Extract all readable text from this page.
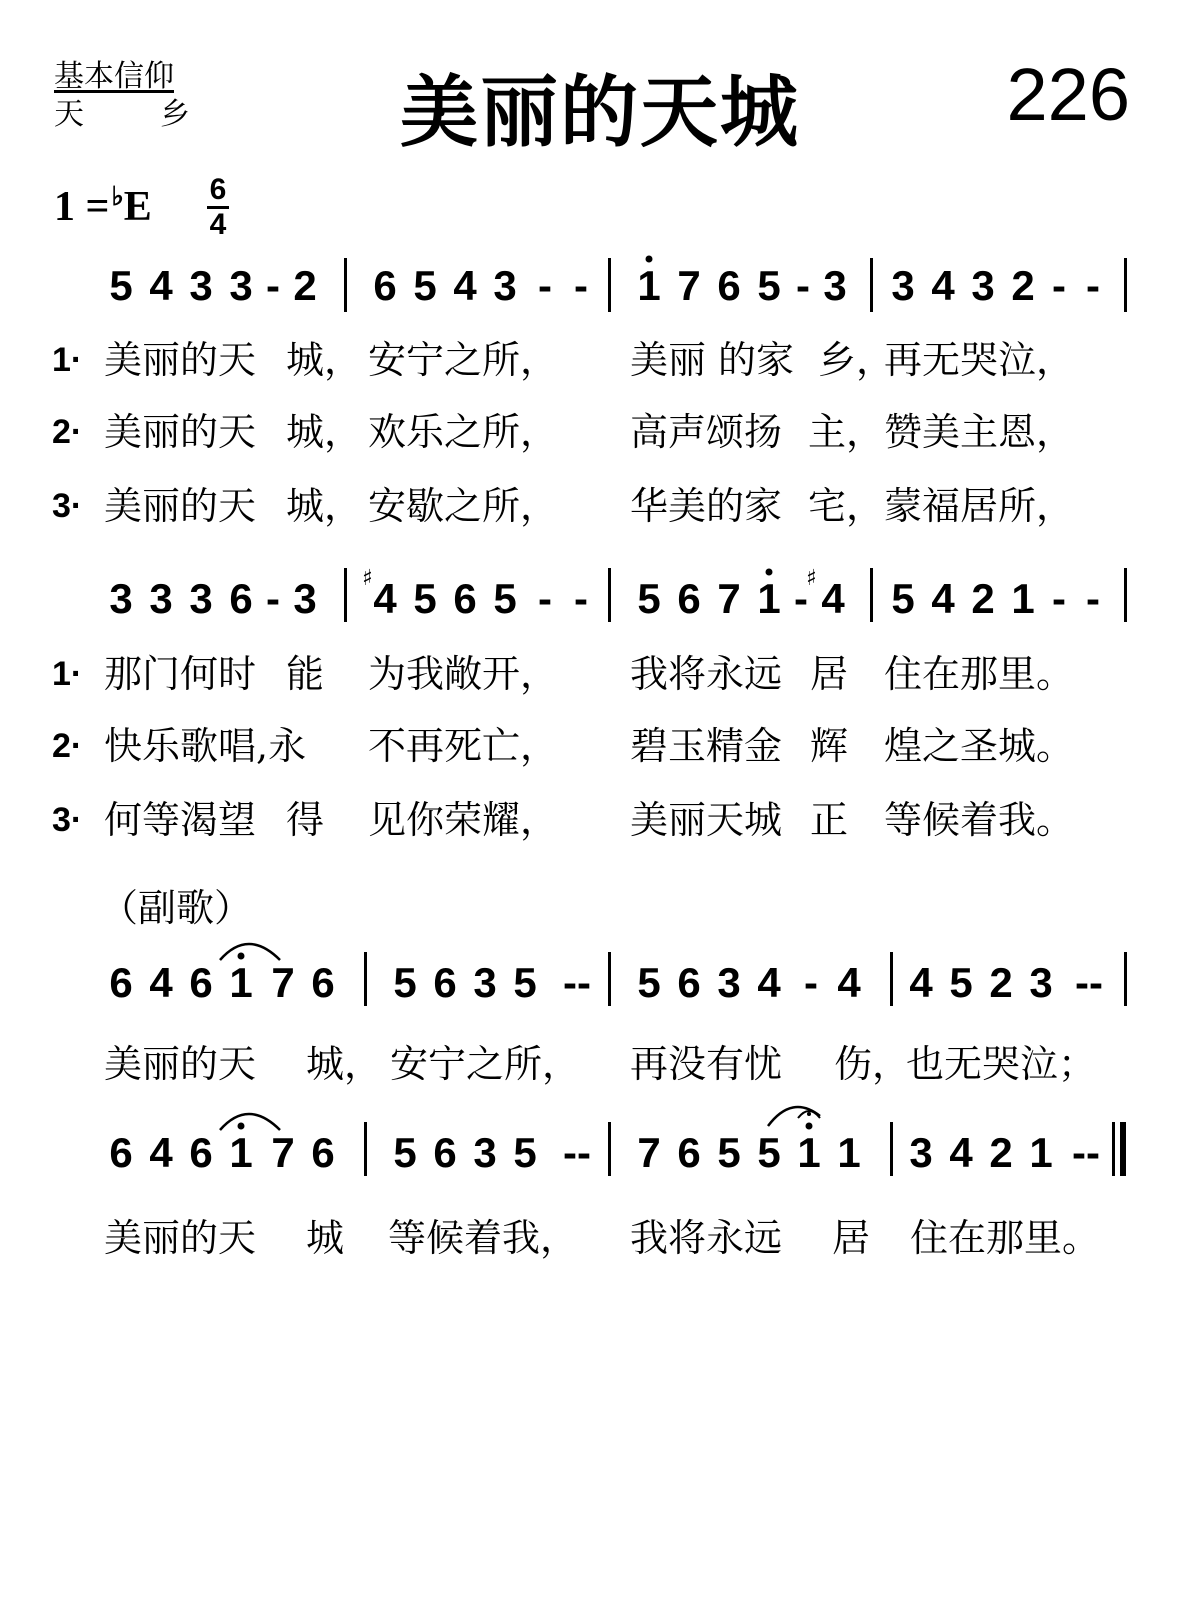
基本信仰
天	乡	美丽的天城	226
1 =♭E 6
4
5 4 3 3 - 2 6 5 4 3 - - 1 7 6 5 - 3 3 4 3 2 - -
1· 美丽的天 城， 安宁之所， 美丽 的家 乡，
再无哭泣，
2· 美丽的天 城， 欢乐之所， 高声颂扬 主， 赞美主恩，
3· 美丽的天 城， 安歇之所， 华美的家 宅， 蒙福居所，
3 3 3 6 - 3 ♯ 4 5 6 5 - - 5 6 7 1 -
♯ 4 5 4 2 1 - -
1· 那门何时 能 为我敞开， 我将永远 居 住在那里。
2· 快乐歌唱,永 不再死亡， 碧玉精金 辉 煌之圣城。
3· 何等渴望 得 见你荣耀， 美丽天城 正 等候着我。
（副歌）
6 4 6 1 7 6 5 6 3 5 -- 5 6 3 4 - 4 4 5 2 3 --
美丽的天 城， 安宁之所， 再没有忧 伤，
也无哭泣；
6 4 6 1 7 6 5 6 3 5 -- 7 6 5 5 1 1 3 4 2 1 --
美丽的天 城 等候着我， 我将永远 居 住在那里。
